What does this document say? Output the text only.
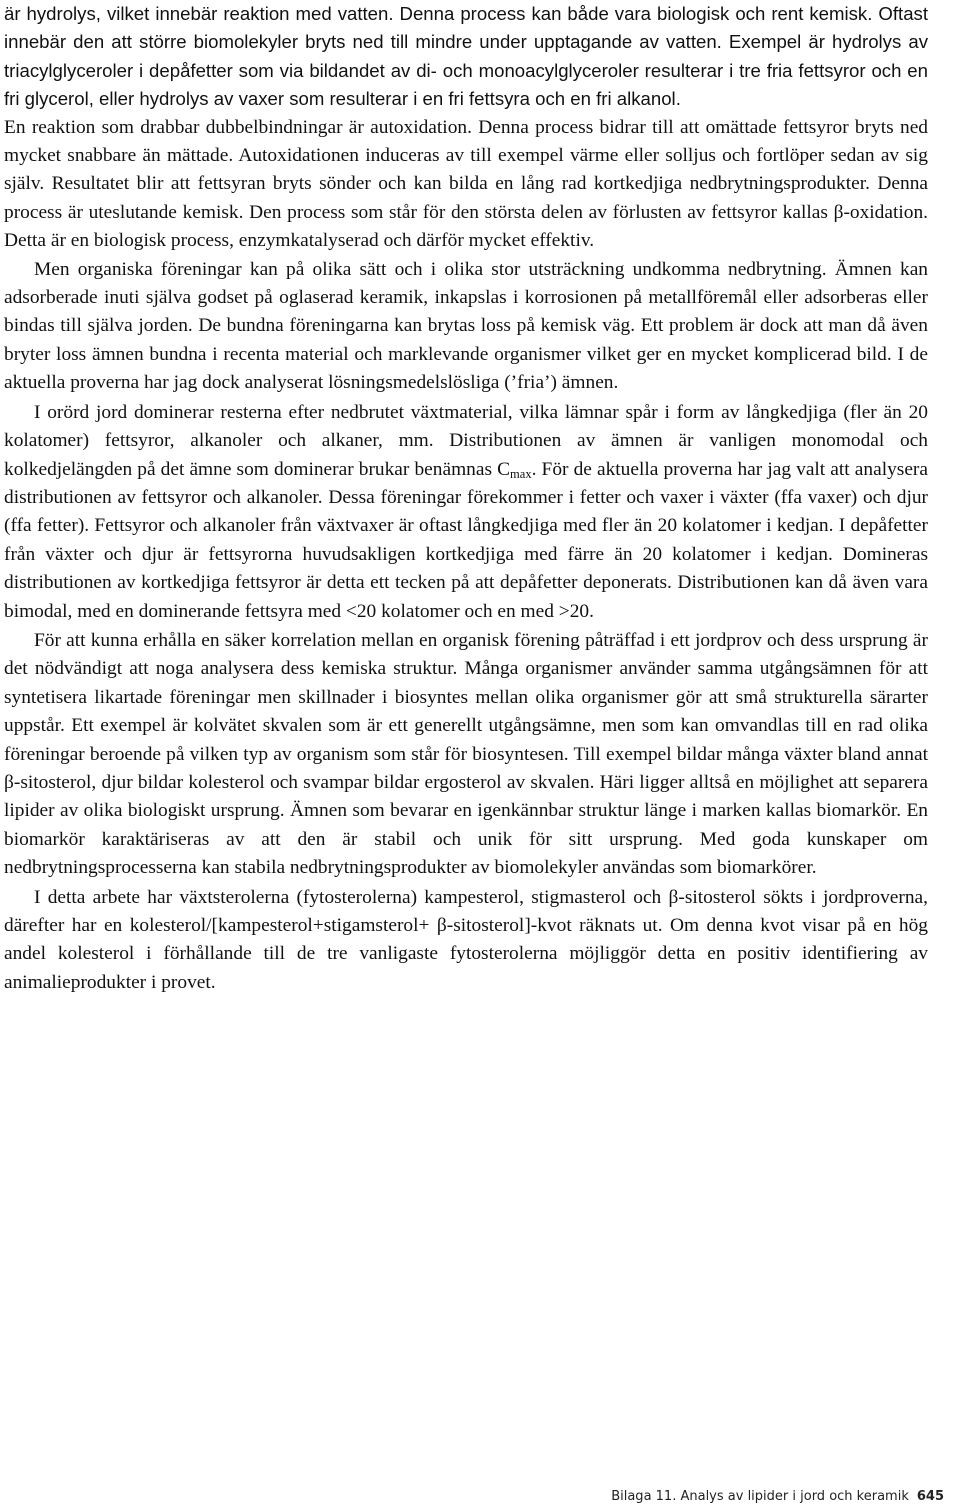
är hydrolys, vilket innebär reaktion med vatten. Denna process kan både vara biologisk och rent kemisk. Oftast innebär den att större biomolekyler bryts ned till mindre under upptagande av vatten. Exempel är hydrolys av triacylglyceroler i depåfetter som via bildandet av di- och monoacylglyceroler resulterar i tre fria fettsyror och en fri glycerol, eller hydrolys av vaxer som resulterar i en fri fettsyra och en fri alkanol.

En reaktion som drabbar dubbelbindningar är autoxidation. Denna process bidrar till att omättade fettsyror bryts ned mycket snabbare än mättade. Autoxidationen induceras av till exempel värme eller solljus och fortlöper sedan av sig själv. Resultatet blir att fettsyran bryts sönder och kan bilda en lång rad kortkedjiga nedbrytningsprodukter. Denna process är uteslutande kemisk. Den process som står för den största delen av förlusten av fettsyror kallas β-oxidation. Detta är en biologisk process, enzymkatalyserad och därför mycket effektiv.

Men organiska föreningar kan på olika sätt och i olika stor utsträckning undkomma nedbrytning. Ämnen kan adsorberade inuti själva godset på oglaserad keramik, inkapslas i korrosionen på metallföremål eller adsorberas eller bindas till själva jorden. De bundna föreningarna kan brytas loss på kemisk väg. Ett problem är dock att man då även bryter loss ämnen bundna i recenta material och marklevande organismer vilket ger en mycket komplicerad bild. I de aktuella proverna har jag dock analyserat lösningsmedelslösliga (’fria’) ämnen.

I orörd jord dominerar resterna efter nedbrutet växtmaterial, vilka lämnar spår i form av långkedjiga (fler än 20 kolatomer) fettsyror, alkanoler och alkaner, mm. Distributionen av ämnen är vanligen monomodal och kolkedjelängden på det ämne som dominerar brukar benämnas $C_{max}$. För de aktuella proverna har jag valt att analysera distributionen av fettsyror och alkanoler. Dessa föreningar förekommer i fetter och vaxer i växter (ffa vaxer) och djur (ffa fetter). Fettsyror och alkanoler från växtvaxer är oftast långkedjiga med fler än 20 kolatomer i kedjan. I depåfetter från växter och djur är fettsyrorna huvudsakligen kortkedjiga med färre än 20 kolatomer i kedjan. Domineras distributionen av kortkedjiga fettsyror är detta ett tecken på att depåfetter deponerats. Distributionen kan då även vara bimodal, med en dominerande fettsyra med <20 kolatomer och en med >20.

För att kunna erhålla en säker korrelation mellan en organisk förening påträffad i ett jordprov och dess ursprung är det nödvändigt att noga analysera dess kemiska struktur. Många organismer använder samma utgångsämnen för att syntetisera likartade föreningar men skillnader i biosyntes mellan olika organismer gör att små strukturella särarter uppstår. Ett exempel är kolvätet skvalen som är ett generellt utgångsämne, men som kan omvandlas till en rad olika föreningar beroende på vilken typ av organism som står för biosyntesen. Till exempel bildar många växter bland annat β-sitosterol, djur bildar kolesterol och svampar bildar ergosterol av skvalen. Häri ligger alltså en möjlighet att separera lipider av olika biologiskt ursprung. Ämnen som bevarar en igenkännbar struktur länge i marken kallas biomarkör. En biomarkör karaktäriseras av att den är stabil och unik för sitt ursprung. Med goda kunskaper om nedbrytningsprocesserna kan stabila nedbrytningsprodukter av biomolekyler användas som biomarkörer.

I detta arbete har växtsterolerna (fytosterolerna) kampesterol, stigmasterol och β-sitosterol sökts i jordproverna, därefter har en kolesterol/[kampesterol+stigamsterol+ β-sitosterol]-kvot räknats ut. Om denna kvot visar på en hög andel kolesterol i förhållande till de tre vanligaste fytosterolerna möjliggör detta en positiv identifiering av animalieprodukter i provet.

Bilaga 11. Analys av lipider i jord och keramik 645
